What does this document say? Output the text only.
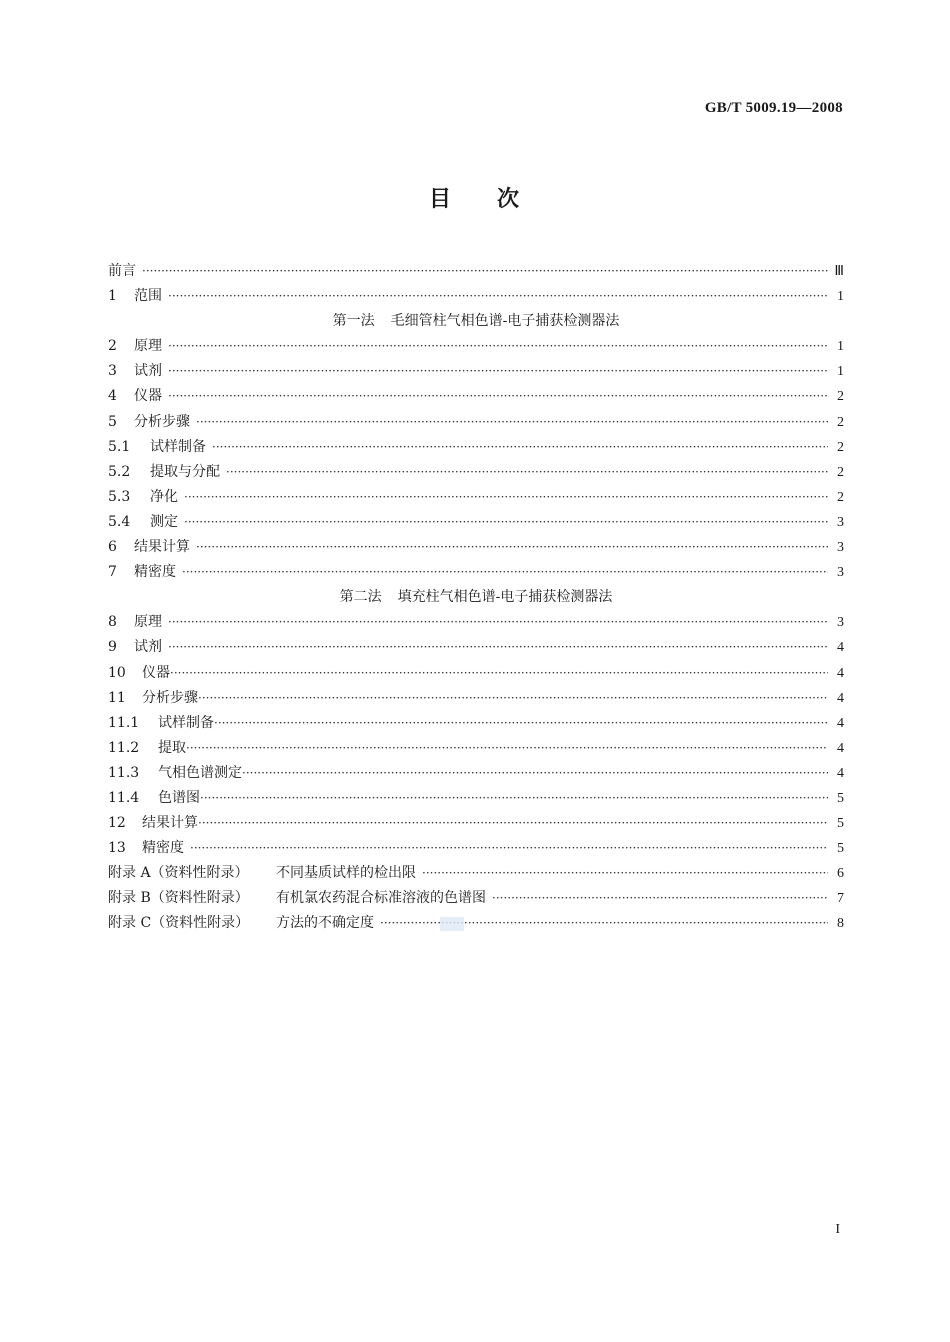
GB/T 5009.19—2008
目 次
前言 ·····	Ⅲ
1	范围 ·····	1
第一法 毛细管柱气相色谱-电子捕获检测器法
2	原理 ·····	1
3	试剂 ·····	1
4	仪器 ·····	2
5	分析步骤 ·····	2
5.1	试样制备 ·····	2
5.2	提取与分配 ·····	2
5.3	净化 ·····	2
5.4	测定 ·····	3
6	结果计算 ·····	3
7	精密度 ·····	3
第二法 填充柱气相色谱-电子捕获检测器法
8	原理 ·····	3
9	试剂 ·····	4
10	仪器 ·····	4
11	分析步骤 ·····	4
11.1	试样制备 ·····	4
11.2	提取 ·····	4
11.3	气相色谱测定 ·····	4
11.4	色谱图 ·····	5
12	结果计算 ·····	5
13	精密度 ·····	5
附录 A（资料性附录）	不同基质试样的检出限 ·····	6
附录 B（资料性附录）	有机氯农药混合标准溶液的色谱图 ·····	7
附录 C（资料性附录）	方法的不确定度 ·····	8
I
